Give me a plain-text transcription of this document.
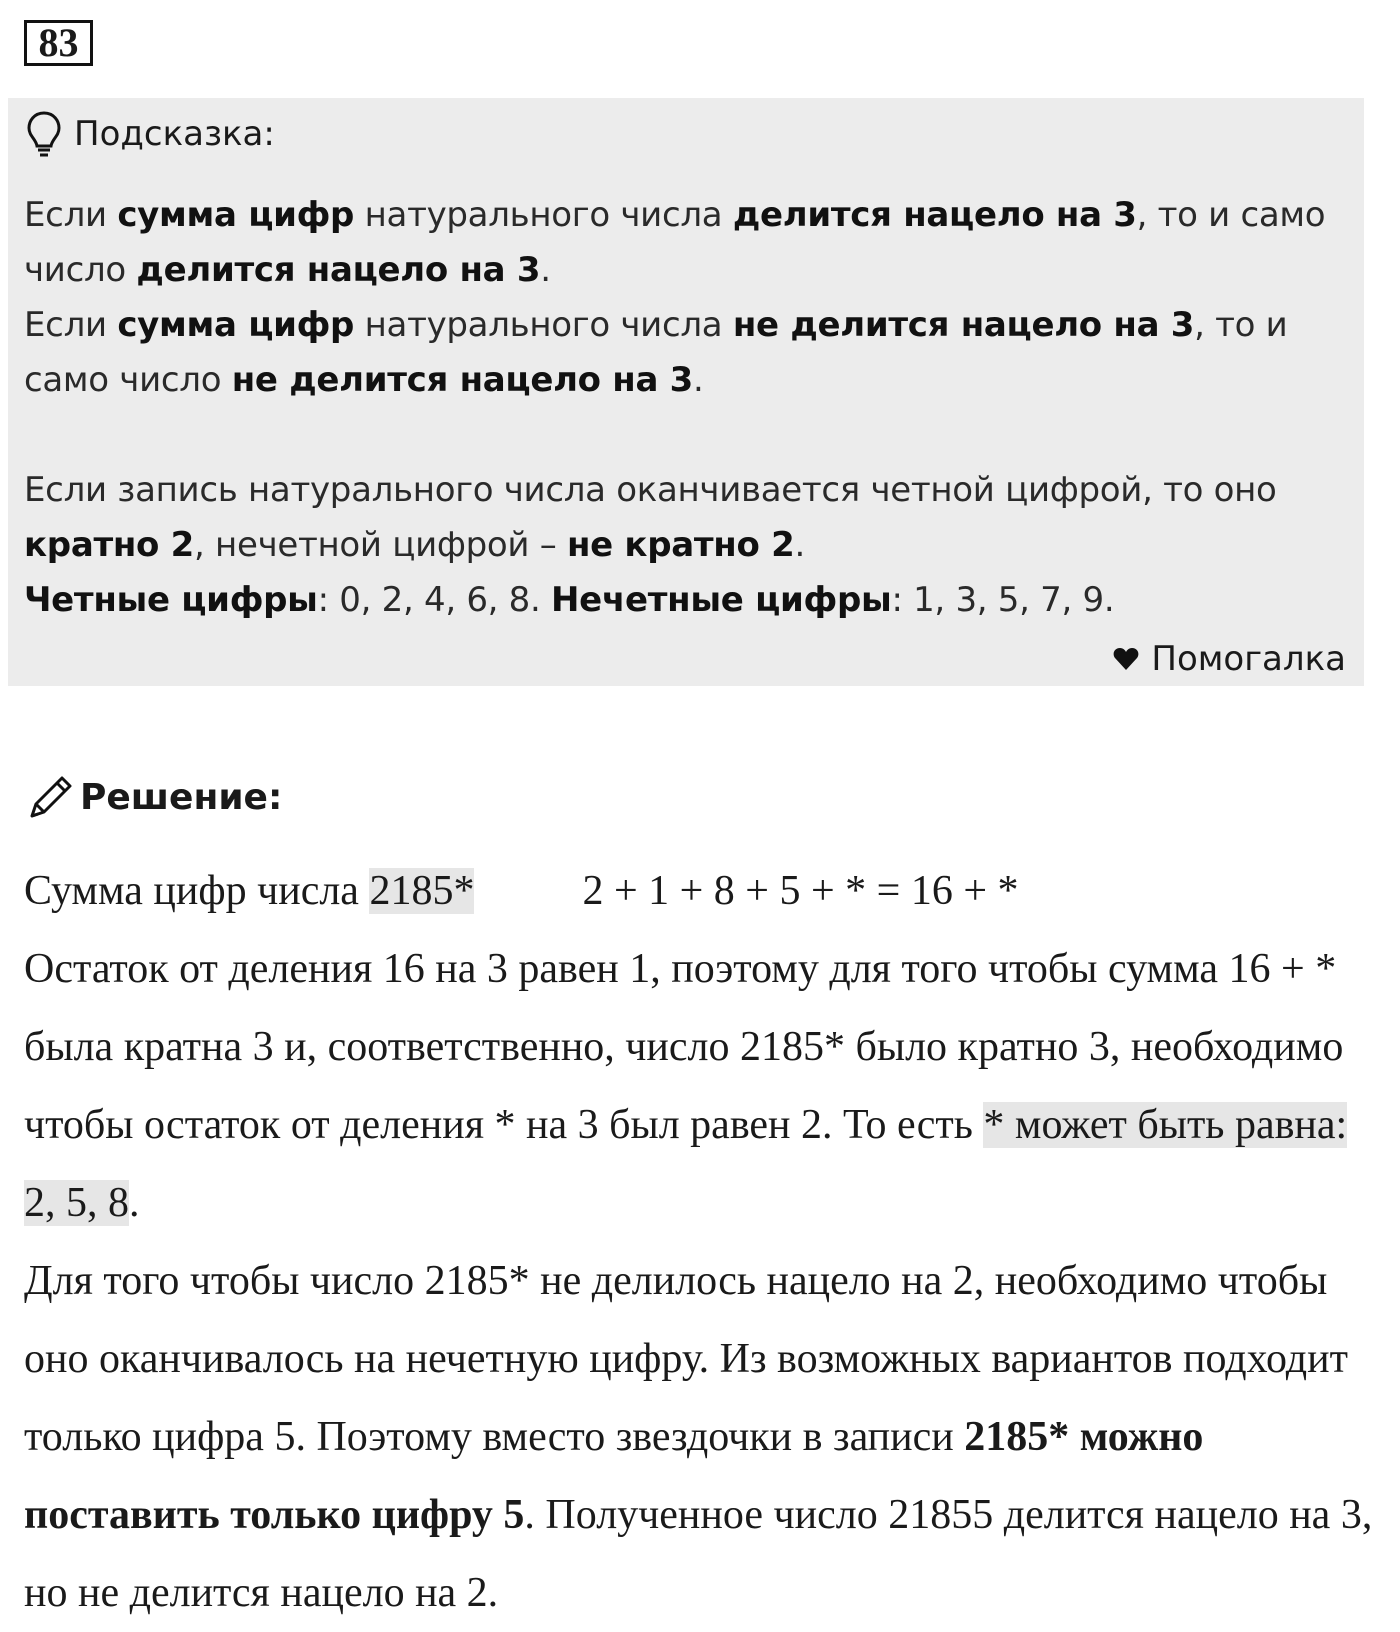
83
Подсказка:
Если сумма цифр натурального числа делится нацело на 3, то и само число делится нацело на 3.
Если сумма цифр натурального числа не делится нацело на 3, то и само число не делится нацело на 3.
Если запись натурального числа оканчивается четной цифрой, то оно кратно 2, нечетной цифрой – не кратно 2.
Четные цифры: 0, 2, 4, 6, 8. Нечетные цифры: 1, 3, 5, 7, 9.
Помогалка
Решение:
Сумма цифр числа 2185*	2 + 1 + 8 + 5 + * = 16 + *
Остаток от деления 16 на 3 равен 1, поэтому для того чтобы сумма 16 + * была кратна 3 и, соответственно, число 2185* было кратно 3, необходимо чтобы остаток от деления * на 3 был равен 2. То есть * может быть равна: 2, 5, 8.
Для того чтобы число 2185* не делилось нацело на 2, необходимо чтобы оно оканчивалось на нечетную цифру. Из возможных вариантов подходит только цифра 5. Поэтому вместо звездочки в записи 2185* можно поставить только цифру 5. Полученное число 21855 делится нацело на 3, но не делится нацело на 2.
